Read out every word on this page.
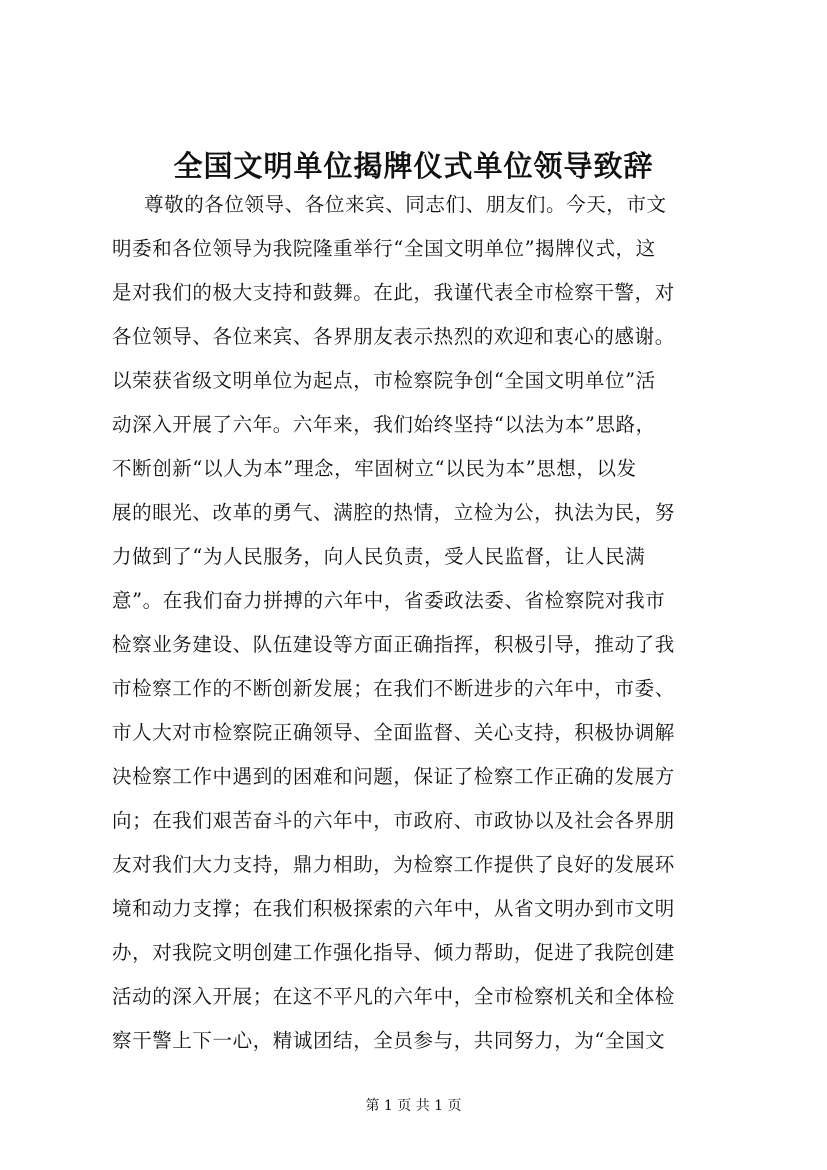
全国文明单位揭牌仪式单位领导致辞
尊敬的各位领导、各位来宾、同志们、朋友们。今天，市文
明委和各位领导为我院隆重举行“全国文明单位”揭牌仪式，这
是对我们的极大支持和鼓舞。在此，我谨代表全市检察干警，对
各位领导、各位来宾、各界朋友表示热烈的欢迎和衷心的感谢。
以荣获省级文明单位为起点，市检察院争创“全国文明单位”活
动深入开展了六年。六年来，我们始终坚持“以法为本”思路，
不断创新“以人为本”理念，牢固树立“以民为本”思想，以发
展的眼光、改革的勇气、满腔的热情，立检为公，执法为民，努
力做到了“为人民服务，向人民负责，受人民监督，让人民满
意”。在我们奋力拼搏的六年中，省委政法委、省检察院对我市
检察业务建设、队伍建设等方面正确指挥，积极引导，推动了我
市检察工作的不断创新发展；在我们不断进步的六年中，市委、
市人大对市检察院正确领导、全面监督、关心支持，积极协调解
决检察工作中遇到的困难和问题，保证了检察工作正确的发展方
向；在我们艰苦奋斗的六年中，市政府、市政协以及社会各界朋
友对我们大力支持，鼎力相助，为检察工作提供了良好的发展环
境和动力支撑；在我们积极探索的六年中，从省文明办到市文明
办，对我院文明创建工作强化指导、倾力帮助，促进了我院创建
活动的深入开展；在这不平凡的六年中，全市检察机关和全体检
察干警上下一心，精诚团结，全员参与，共同努力，为“全国文
第 1 页 共 1 页
